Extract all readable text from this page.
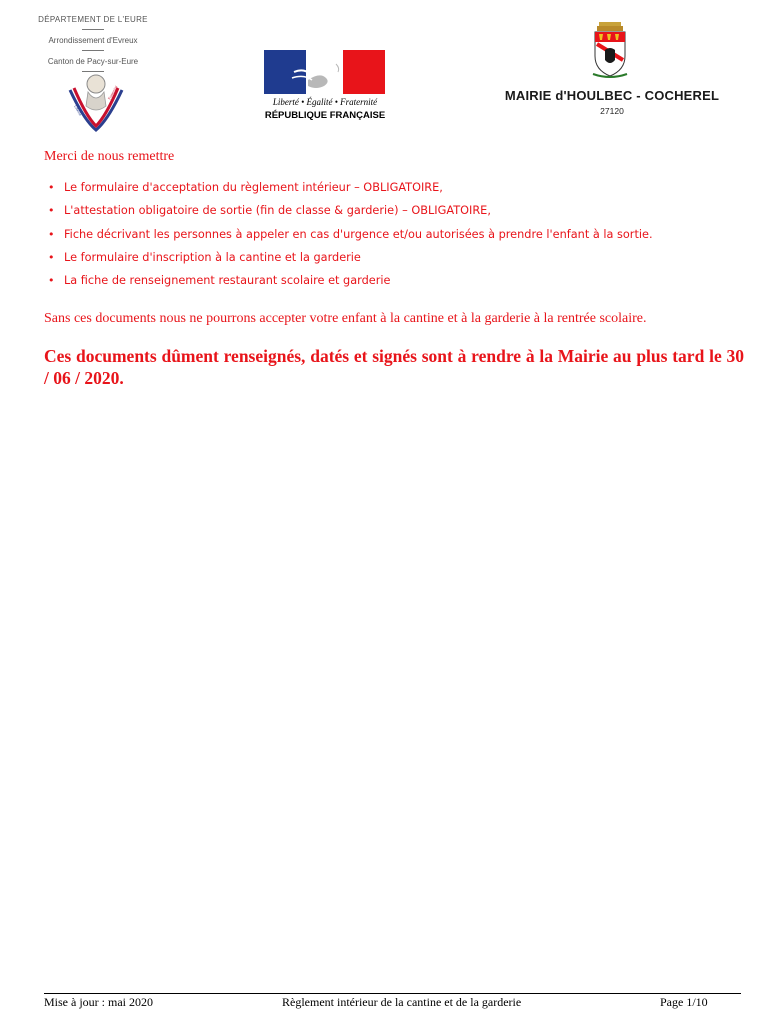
DÉPARTEMENT DE L'EURE
Arrondissement d'Evreux
Canton de Pacy-sur-Eure
Liberté
Fraternité
Liberté • Égalité • Fraternité
RÉPUBLIQUE FRANÇAISE
MAIRIE d'HOULBEC - COCHEREL
27120
Merci de nous remettre
• Le formulaire d'acceptation du règlement intérieur – OBLIGATOIRE,
• L'attestation obligatoire de sortie (fin de classe & garderie) – OBLIGATOIRE,
• Fiche décrivant les personnes à appeler en cas d'urgence et/ou autorisées à prendre l'enfant à la sortie.
• Le formulaire d'inscription à la cantine et la garderie
• La fiche de renseignement restaurant scolaire et garderie
Sans ces documents nous ne pourrons accepter votre enfant à la cantine et à la garderie à la rentrée scolaire.
Ces documents dûment renseignés, datés et signés sont à rendre à la Mairie au plus tard le 30 / 06 / 2020.
Mise à jour : mai 2020	Règlement intérieur de la cantine et de la garderie	Page 1/10
